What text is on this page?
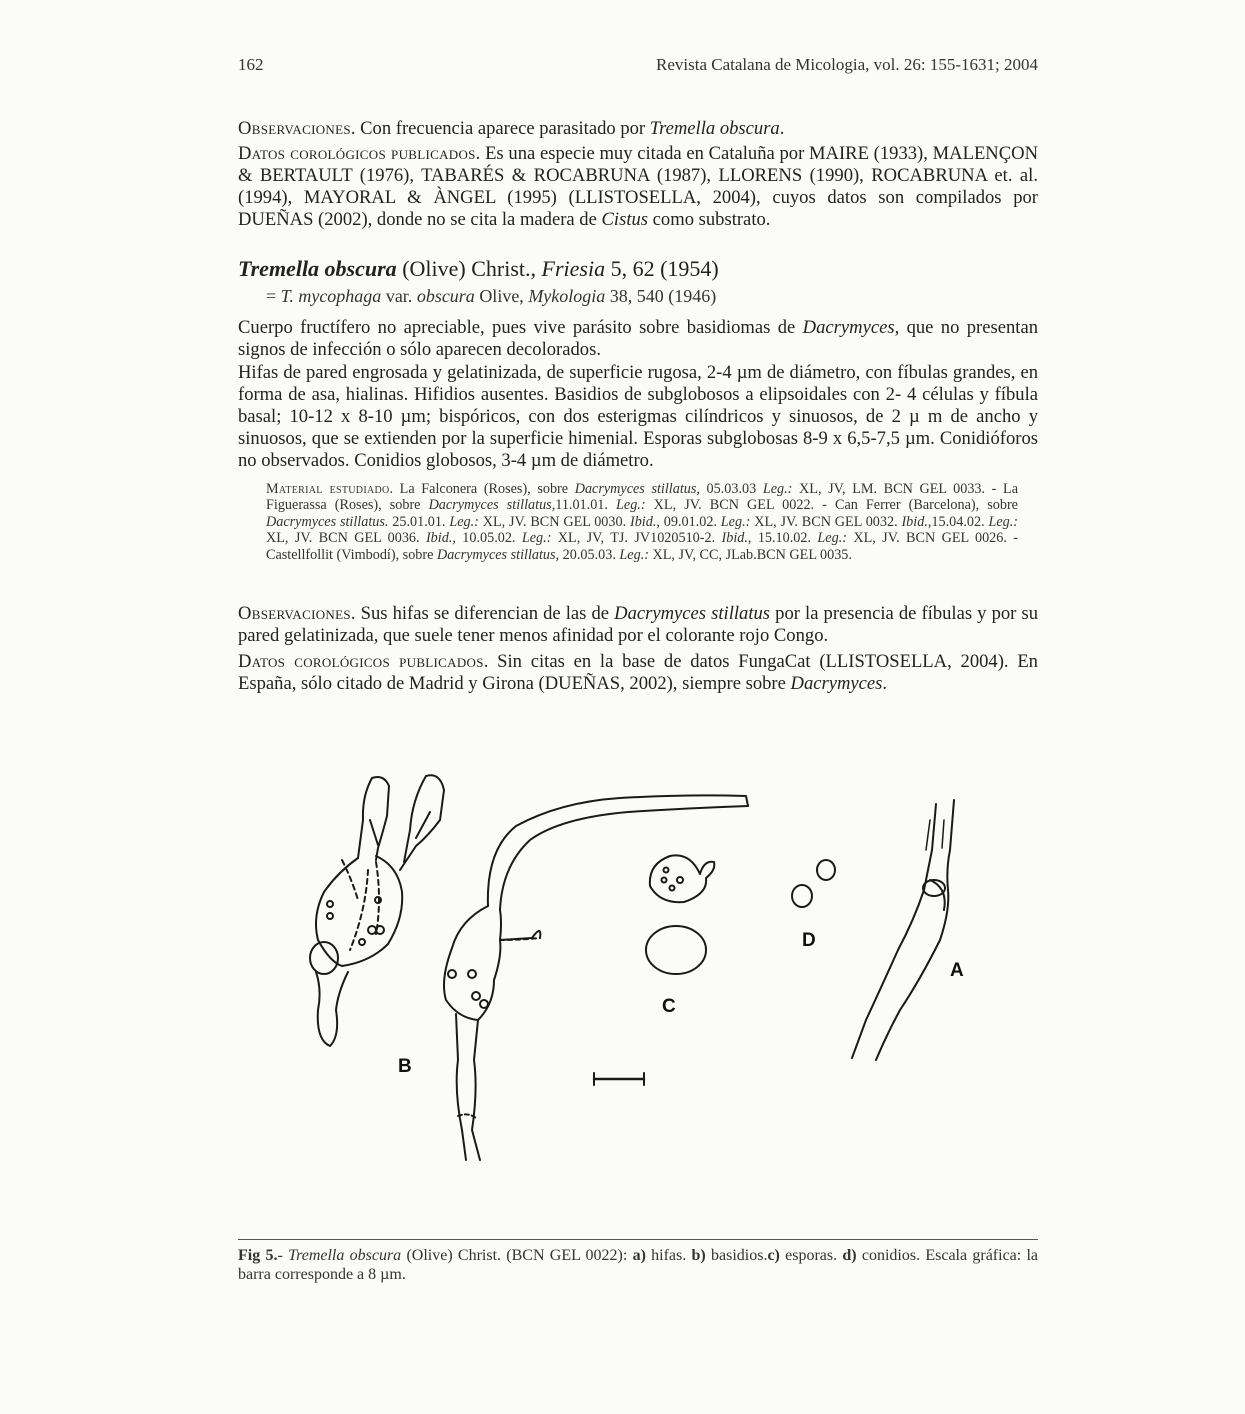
162	Revista Catalana de Micologia, vol. 26: 155-1631; 2004

Observaciones. Con frecuencia aparece parasitado por Tremella obscura.

Datos corológicos publicados. Es una especie muy citada en Cataluña por MAIRE (1933), MALENÇON & BERTAULT (1976), TABARÉS & ROCABRUNA (1987), LLORENS (1990), ROCABRUNA et. al. (1994), MAYORAL & ÀNGEL (1995) (LLISTOSELLA, 2004), cuyos datos son compilados por DUEÑAS (2002), donde no se cita la madera de Cistus como substrato.

Tremella obscura (Olive) Christ., Friesia 5, 62 (1954)
= T. mycophaga var. obscura Olive, Mykologia 38, 540 (1946)

Cuerpo fructífero no apreciable, pues vive parásito sobre basidiomas de Dacrymyces, que no presentan signos de infección o sólo aparecen decolorados.

Hifas de pared engrosada y gelatinizada, de superficie rugosa, 2-4 µm de diámetro, con fíbulas grandes, en forma de asa, hialinas. Hifidios ausentes. Basidios de subglobosos a elipsoidales con 2- 4 células y fíbula basal; 10-12 x 8-10 µm; bispóricos, con dos esterigmas cilíndricos y sinuosos, de 2 µ m de ancho y sinuosos, que se extienden por la superficie himenial. Esporas subglobosas 8-9 x 6,5-7,5 µm. Conidióforos no observados. Conidios globosos, 3-4 µm de diámetro.

Material estudiado. La Falconera (Roses), sobre Dacrymyces stillatus, 05.03.03 Leg.: XL, JV, LM. BCN GEL 0033. - La Figuerassa (Roses), sobre Dacrymyces stillatus,11.01.01. Leg.: XL, JV. BCN GEL 0022. - Can Ferrer (Barcelona), sobre Dacrymyces stillatus. 25.01.01. Leg.: XL, JV. BCN GEL 0030. Ibid., 09.01.02. Leg.: XL, JV. BCN GEL 0032. Ibid.,15.04.02. Leg.: XL, JV. BCN GEL 0036. Ibid., 10.05.02. Leg.: XL, JV, TJ. JV1020510-2. Ibid., 15.10.02. Leg.: XL, JV. BCN GEL 0026. - Castellfollit (Vimbodí), sobre Dacrymyces stillatus, 20.05.03. Leg.: XL, JV, CC, JLab.BCN GEL 0035.

Observaciones. Sus hifas se diferencian de las de Dacrymyces stillatus por la presencia de fíbulas y por su pared gelatinizada, que suele tener menos afinidad por el colorante rojo Congo.

Datos corológicos publicados. Sin citas en la base de datos FungaCat (LLISTOSELLA, 2004). En España, sólo citado de Madrid y Girona (DUEÑAS, 2002), siempre sobre Dacrymyces.

B
C
D
A

Fig 5.- Tremella obscura (Olive) Christ. (BCN GEL 0022): a) hifas. b) basidios.c) esporas. d) conidios. Escala gráfica: la barra corresponde a 8 µm.
